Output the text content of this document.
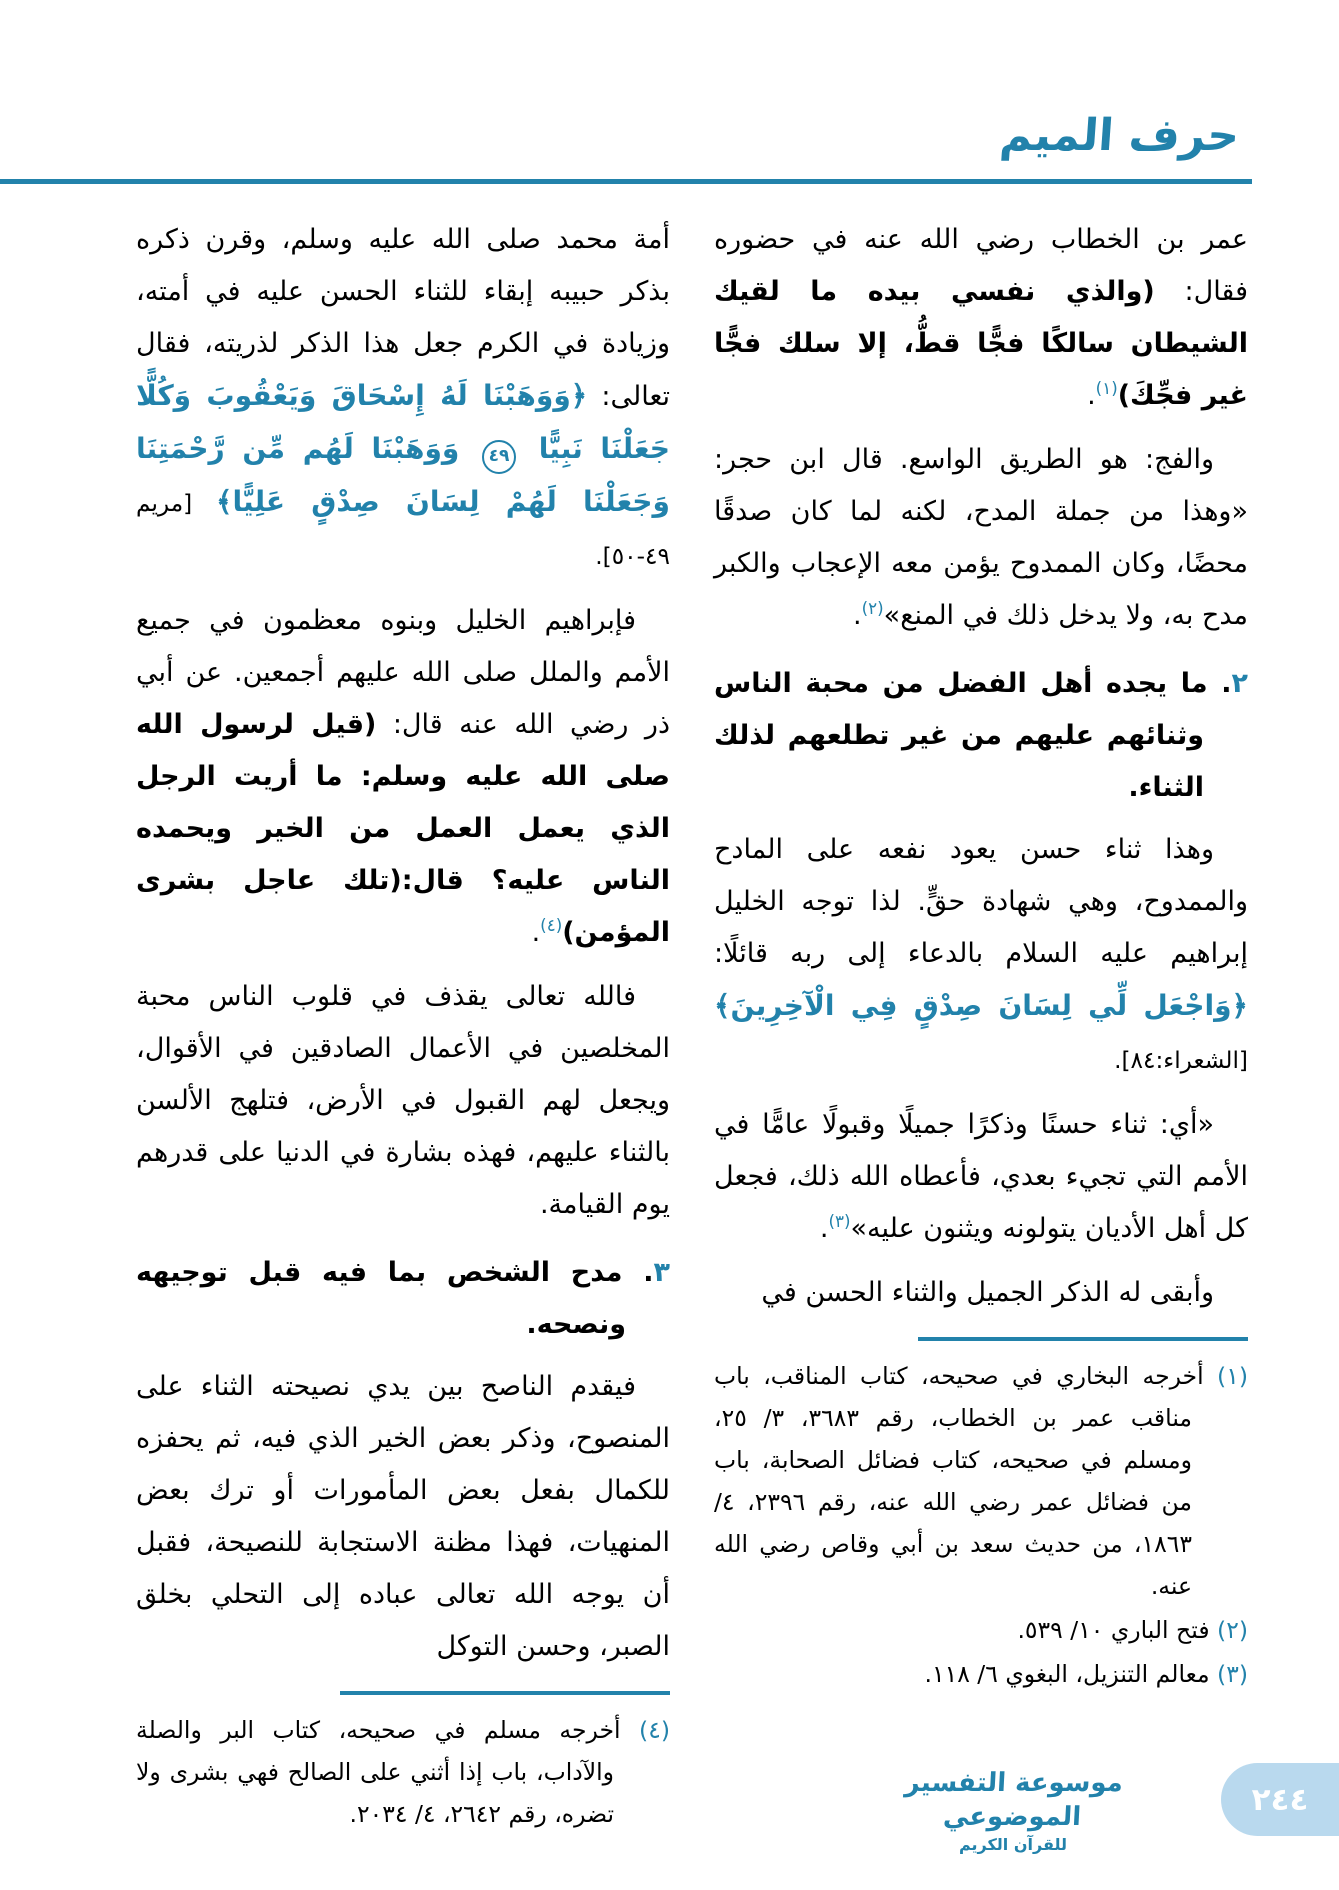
حرف الميم

عمر بن الخطاب رضي الله عنه في حضوره فقال: (والذي نفسي بيده ما لقيك الشيطان سالكًا فجًّا قطُّ، إلا سلك فجًّا غير فجِّكَ)$^{(١)}$.

والفج: هو الطريق الواسع. قال ابن حجر: «وهذا من جملة المدح، لكنه لما كان صدقًا محضًا، وكان الممدوح يؤمن معه الإعجاب والكبر مدح به، ولا يدخل ذلك في المنع»$^{(٢)}$.

٢. ما يجده أهل الفضل من محبة الناس وثنائهم عليهم من غير تطلعهم لذلك الثناء.

وهذا ثناء حسن يعود نفعه على المادح والممدوح، وهي شهادة حقٍّ. لذا توجه الخليل إبراهيم عليه السلام بالدعاء إلى ربه قائلًا: ﴿وَاجْعَل لِّي لِسَانَ صِدْقٍ فِي الْآخِرِينَ﴾ [الشعراء:٨٤].

«أي: ثناء حسنًا وذكرًا جميلًا وقبولًا عامًّا في الأمم التي تجيء بعدي، فأعطاه الله ذلك، فجعل كل أهل الأديان يتولونه ويثنون عليه»$^{(٣)}$.

وأبقى له الذكر الجميل والثناء الحسن في

(١) أخرجه البخاري في صحيحه، كتاب المناقب، باب مناقب عمر بن الخطاب، رقم ٣٦٨٣، ٣/ ٢٥، ومسلم في صحيحه، كتاب فضائل الصحابة، باب من فضائل عمر رضي الله عنه، رقم ٢٣٩٦، ٤/ ١٨٦٣، من حديث سعد بن أبي وقاص رضي الله عنه.
(٢) فتح الباري ١٠/ ٥٣٩.
(٣) معالم التنزيل، البغوي ٦/ ١١٨.

أمة محمد صلى الله عليه وسلم، وقرن ذكره بذكر حبيبه إبقاء للثناء الحسن عليه في أمته، وزيادة في الكرم جعل هذا الذكر لذريته، فقال تعالى: ﴿وَوَهَبْنَا لَهُ إِسْحَاقَ وَيَعْقُوبَ وَكُلًّا جَعَلْنَا نَبِيًّا ٤٩ وَوَهَبْنَا لَهُم مِّن رَّحْمَتِنَا وَجَعَلْنَا لَهُمْ لِسَانَ صِدْقٍ عَلِيًّا﴾ [مريم ٤٩-٥٠].

فإبراهيم الخليل وبنوه معظمون في جميع الأمم والملل صلى الله عليهم أجمعين. عن أبي ذر رضي الله عنه قال: (قيل لرسول الله صلى الله عليه وسلم: ما أريت الرجل الذي يعمل العمل من الخير ويحمده الناس عليه؟ قال:(تلك عاجل بشرى المؤمن)$^{(٤)}$.

فالله تعالى يقذف في قلوب الناس محبة المخلصين في الأعمال الصادقين في الأقوال، ويجعل لهم القبول في الأرض، فتلهج الألسن بالثناء عليهم، فهذه بشارة في الدنيا على قدرهم يوم القيامة.

٣. مدح الشخص بما فيه قبل توجيهه ونصحه.

فيقدم الناصح بين يدي نصيحته الثناء على المنصوح، وذكر بعض الخير الذي فيه، ثم يحفزه للكمال بفعل بعض المأمورات أو ترك بعض المنهيات، فهذا مظنة الاستجابة للنصيحة، فقبل أن يوجه الله تعالى عباده إلى التحلي بخلق الصبر، وحسن التوكل

(٤) أخرجه مسلم في صحيحه، كتاب البر والصلة والآداب، باب إذا أثني على الصالح فهي بشرى ولا تضره، رقم ٢٦٤٢، ٤/ ٢٠٣٤.
موسوعة التفسير الموضوعي
للقرآن الكريم
٢٤٤
